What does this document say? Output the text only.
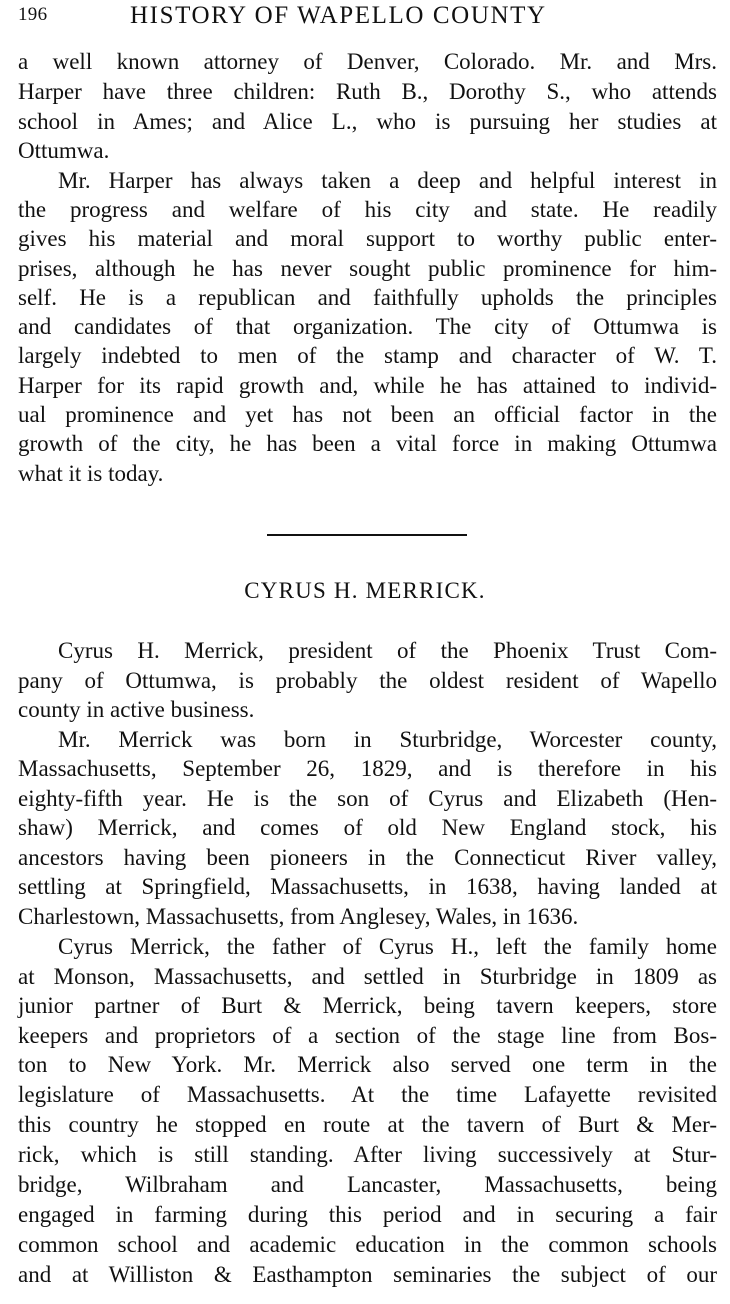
196	HISTORY OF WAPELLO COUNTY
a well known attorney of Denver, Colorado. Mr. and Mrs.
Harper have three children: Ruth B., Dorothy S., who attends
school in Ames; and Alice L., who is pursuing her studies at
Ottumwa.
Mr. Harper has always taken a deep and helpful interest in
the progress and welfare of his city and state. He readily
gives his material and moral support to worthy public enter-
prises, although he has never sought public prominence for him-
self. He is a republican and faithfully upholds the principles
and candidates of that organization. The city of Ottumwa is
largely indebted to men of the stamp and character of W. T.
Harper for its rapid growth and, while he has attained to individ-
ual prominence and yet has not been an official factor in the
growth of the city, he has been a vital force in making Ottumwa
what it is today.
CYRUS H. MERRICK.
Cyrus H. Merrick, president of the Phoenix Trust Com-
pany of Ottumwa, is probably the oldest resident of Wapello
county in active business.
Mr. Merrick was born in Sturbridge, Worcester county,
Massachusetts, September 26, 1829, and is therefore in his
eighty-fifth year. He is the son of Cyrus and Elizabeth (Hen-
shaw) Merrick, and comes of old New England stock, his
ancestors having been pioneers in the Connecticut River valley,
settling at Springfield, Massachusetts, in 1638, having landed at
Charlestown, Massachusetts, from Anglesey, Wales, in 1636.
Cyrus Merrick, the father of Cyrus H., left the family home
at Monson, Massachusetts, and settled in Sturbridge in 1809 as
junior partner of Burt & Merrick, being tavern keepers, store
keepers and proprietors of a section of the stage line from Bos-
ton to New York. Mr. Merrick also served one term in the
legislature of Massachusetts. At the time Lafayette revisited
this country he stopped en route at the tavern of Burt & Mer-
rick, which is still standing. After living successively at Stur-
bridge, Wilbraham and Lancaster, Massachusetts, being
engaged in farming during this period and in securing a fair
common school and academic education in the common schools
and at Williston & Easthampton seminaries the subject of our
